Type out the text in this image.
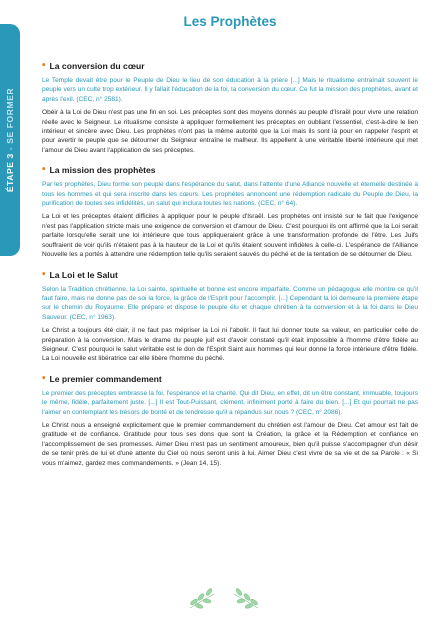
ÉTAPE 3 - SE FORMER
Les Prophètes
• La conversion du cœur

Le Temple devait être pour le Peuple de Dieu le lieu de son éducation à la prière [...] Mais le ritualisme entraînait souvent le peuple vers un culte trop extérieur. Il y fallait l'éducation de la foi, la conversion du cœur. Ce fut la mission des prophètes, avant et après l'exil. (CEC, n° 2581).

Obéir à la Loi de Dieu n'est pas une fin en soi. Les préceptes sont des moyens donnés au peuple d'Israël pour vivre une relation réelle avec le Seigneur. Le ritualisme consiste à appliquer formellement les préceptes en oubliant l'essentiel, c'est-à-dire le lien intérieur et sincère avec Dieu. Les prophètes n'ont pas la même autorité que la Loi mais ils sont là pour en rappeler l'esprit et pour avertir le peuple que se détourner du Seigneur entraîne le malheur. Ils appellent à une véritable liberté intérieure qui met l'amour de Dieu avant l'application de ses préceptes.

• La mission des prophètes

Par les prophètes, Dieu forme son peuple dans l'espérance du salut, dans l'attente d'une Alliance nouvelle et éternelle destinée à tous les hommes et qui sera inscrite dans les cœurs. Les prophètes annoncent une rédemption radicale du Peuple de Dieu, la purification de toutes ses infidélités, un salut qui inclura toutes les nations. (CEC, n° 64).

La Loi et les préceptes étaient difficiles à appliquer pour le peuple d'Israël. Les prophètes ont insisté sur le fait que l'exigence n'est pas l'application stricte mais une exigence de conversion et d'amour de Dieu. C'est pourquoi ils ont affirmé que la Loi serait parfaite lorsqu'elle serait une loi intérieure que tous appliqueraient grâce à une transformation profonde de l'être. Les Juifs souffraient de voir qu'ils n'étaient pas à la hauteur de la Loi et qu'ils étaient souvent infidèles à celle-ci. L'espérance de l'Alliance Nouvelle les a portés à attendre une rédemption telle qu'ils seraient sauvés du péché et de la tentation de se détourner de Dieu.

• La Loi et le Salut

Selon la Tradition chrétienne, la Loi sainte, spirituelle et bonne est encore imparfaite. Comme un pédagogue elle montre ce qu'il faut faire, mais ne donne pas de soi la force, la grâce de l'Esprit pour l'accomplir. [...] Cependant la loi demeure la première étape sur le chemin du Royaume. Elle prépare et dispose le peuple élu et chaque chrétien à la conversion et à la foi dans le Dieu Sauveur. (CEC, n° 1963).

Le Christ a toujours été clair, il ne faut pas mépriser la Loi ni l'abolir. Il faut lui donner toute sa valeur, en particulier celle de préparation à la conversion. Mais le drame du peuple juif est d'avoir constaté qu'il était impossible à l'homme d'être fidèle au Seigneur. C'est pourquoi le salut véritable est le don de l'Esprit Saint aux hommes qui leur donne la force intérieure d'être fidèle. La Loi nouvelle est libératrice car elle libère l'homme du péché.

• Le premier commandement

Le premier des préceptes embrasse la foi, l'espérance et la charité. Qui dit Dieu, en effet, dit un être constant, immuable, toujours le même, fidèle, parfaitement juste. [...] Il est Tout-Puissant, clément, infiniment porté à faire du bien. [...] Et qui pourrait ne pas l'aimer en contemplant les trésors de bonté et de tendresse qu'il a répandus sur nous ? (CEC, n° 2086).

Le Christ nous a enseigné explicitement que le premier commandement du chrétien est l'amour de Dieu. Cet amour est fait de gratitude et de confiance. Gratitude pour tous ses dons que sont la Création, la grâce et la Rédemption et confiance en l'accomplissement de ses promesses. Aimer Dieu n'est pas un sentiment amoureux, bien qu'il puisse s'accompagner d'un désir de se tenir près de lui et d'une attente du Ciel où nous seront unis à lui. Aimer Dieu c'est vivre de sa vie et de sa Parole : « Si vous m'aimez, gardez mes commandements. » (Jean 14, 15).
